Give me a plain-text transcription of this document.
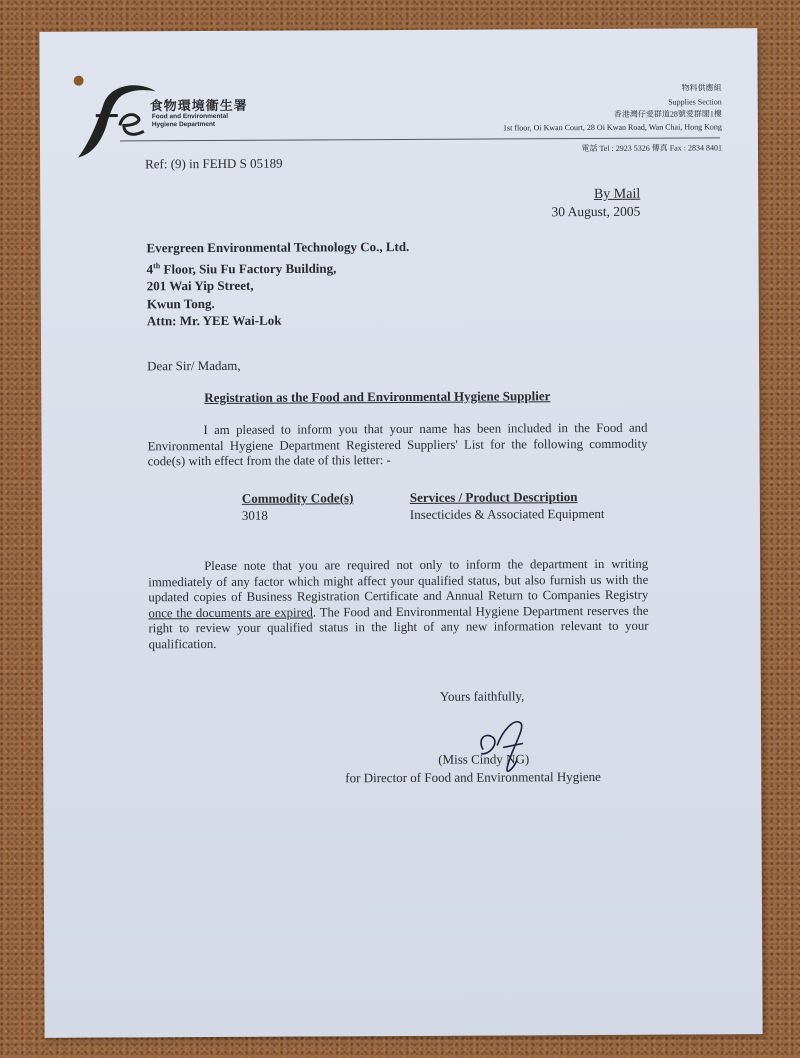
食物環境衞生署
Food and Environmental
Hygiene Department
物料供應組
Supplies Section
香港灣仔愛群道28號愛群閣1樓
1st floor, Oi Kwan Court, 28 Oi Kwan Road, Wan Chai, Hong Kong
電話 Tel : 2923 5326 傳真 Fax : 2834 8401
Ref: (9) in FEHD S 05189
By Mail
30 August, 2005
Evergreen Environmental Technology Co., Ltd.
4th Floor, Siu Fu Factory Building,
201 Wai Yip Street,
Kwun Tong.
Attn: Mr. YEE Wai-Lok
Dear Sir/ Madam,
Registration as the Food and Environmental Hygiene Supplier
I am pleased to inform you that your name has been included in the Food and Environmental Hygiene Department Registered Suppliers' List for the following commodity code(s) with effect from the date of this letter: -
Commodity Code(s)	Services / Product Description
3018	Insecticides & Associated Equipment
Please note that you are required not only to inform the department in writing immediately of any factor which might affect your qualified status, but also furnish us with the updated copies of Business Registration Certificate and Annual Return to Companies Registry once the documents are expired. The Food and Environmental Hygiene Department reserves the right to review your qualified status in the light of any new information relevant to your qualification.
Yours faithfully,
(Miss Cindy NG)
for Director of Food and Environmental Hygiene
